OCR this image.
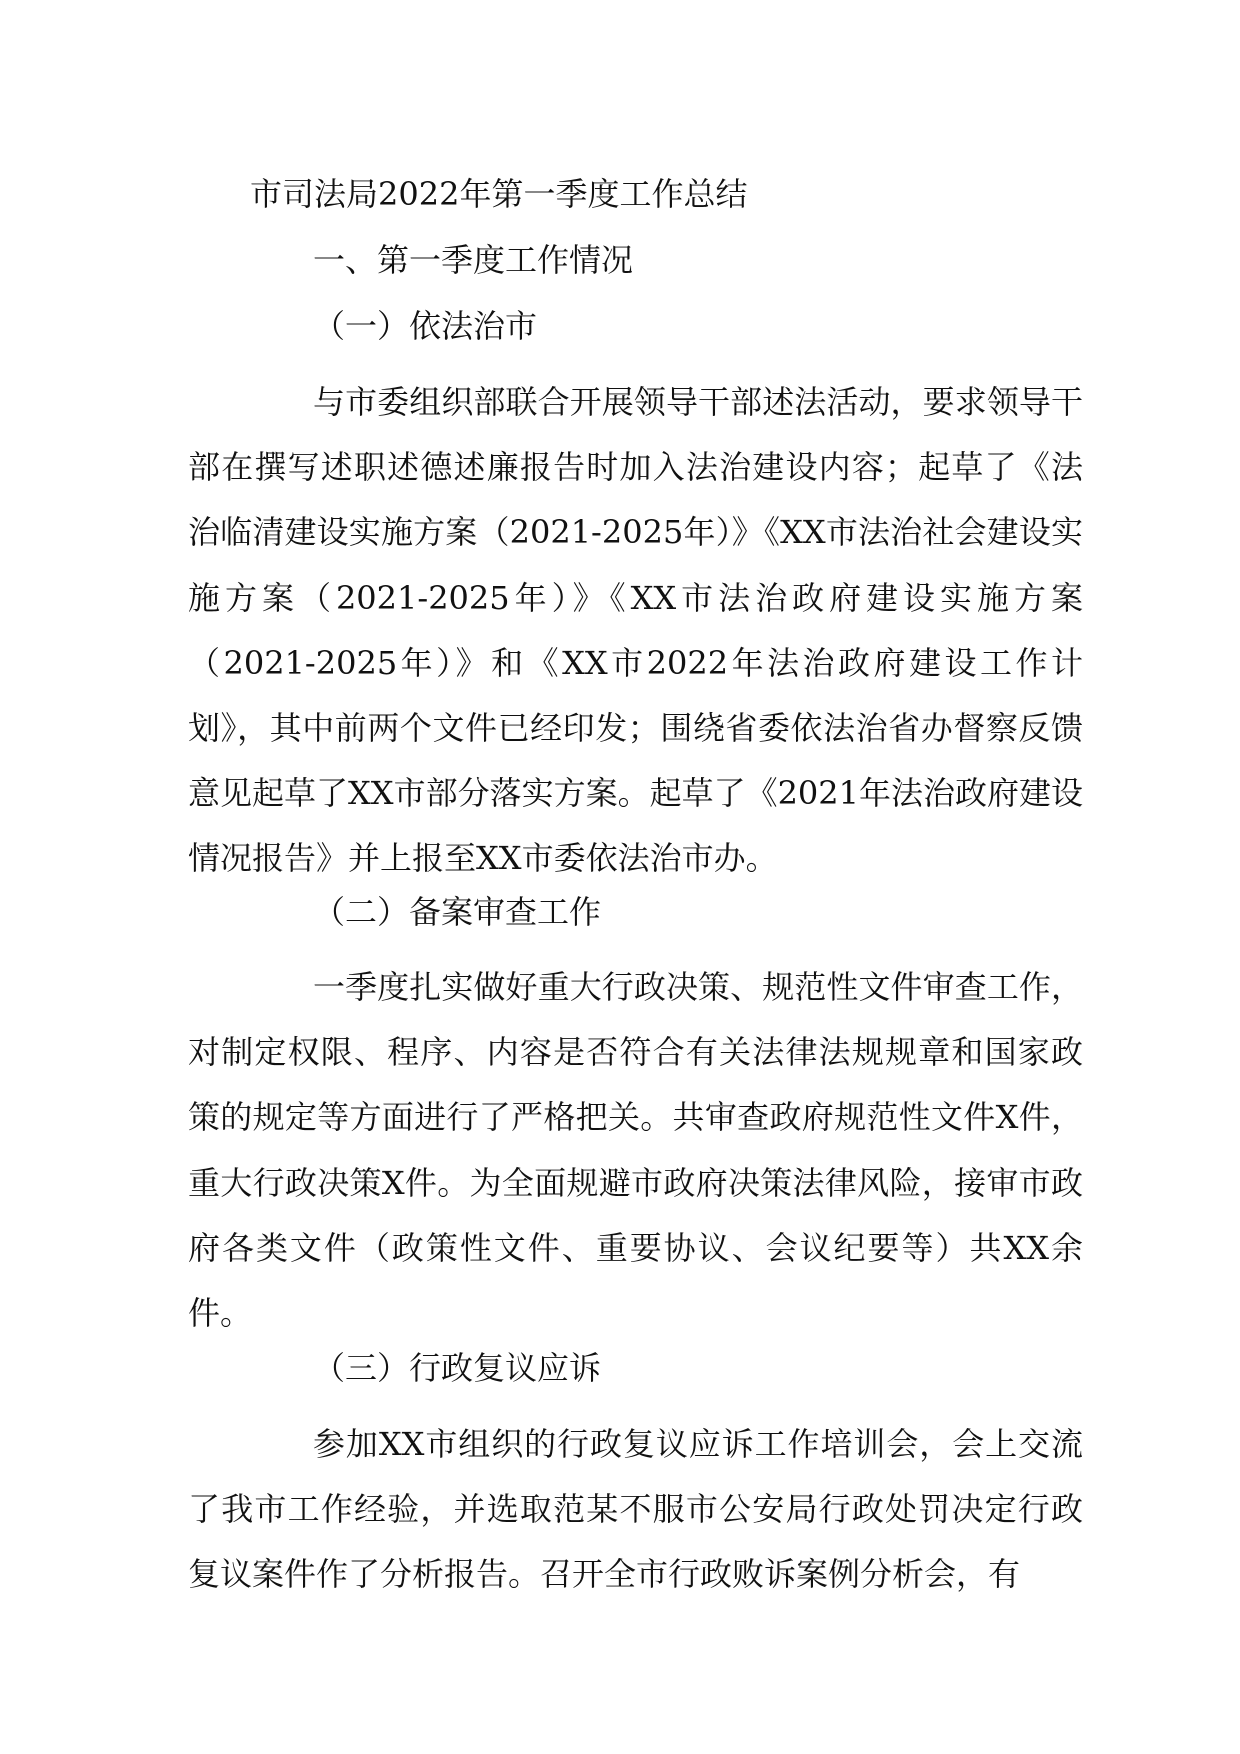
市司法局2022年第一季度工作总结
一、第一季度工作情况
（一）依法治市

与市委组织部联合开展领导干部述法活动，要求领导干部在撰写述职述德述廉报告时加入法治建设内容；起草了《法治临清建设实施方案（2021-2025年）》《XX市法治社会建设实施方案（2021-2025年）》《XX市法治政府建设实施方案（2021-2025年）》和《XX市2022年法治政府建设工作计划》，其中前两个文件已经印发；围绕省委依法治省办督察反馈意见起草了XX市部分落实方案。起草了《2021年法治政府建设情况报告》并上报至XX市委依法治市办。

（二）备案审查工作

一季度扎实做好重大行政决策、规范性文件审查工作，对制定权限、程序、内容是否符合有关法律法规规章和国家政策的规定等方面进行了严格把关。共审查政府规范性文件X件，重大行政决策X件。为全面规避市政府决策法律风险，接审市政府各类文件（政策性文件、重要协议、会议纪要等）共XX余件。

（三）行政复议应诉

参加XX市组织的行政复议应诉工作培训会，会上交流了我市工作经验，并选取范某不服市公安局行政处罚决定行政复议案件作了分析报告。召开全市行政败诉案例分析会，有
